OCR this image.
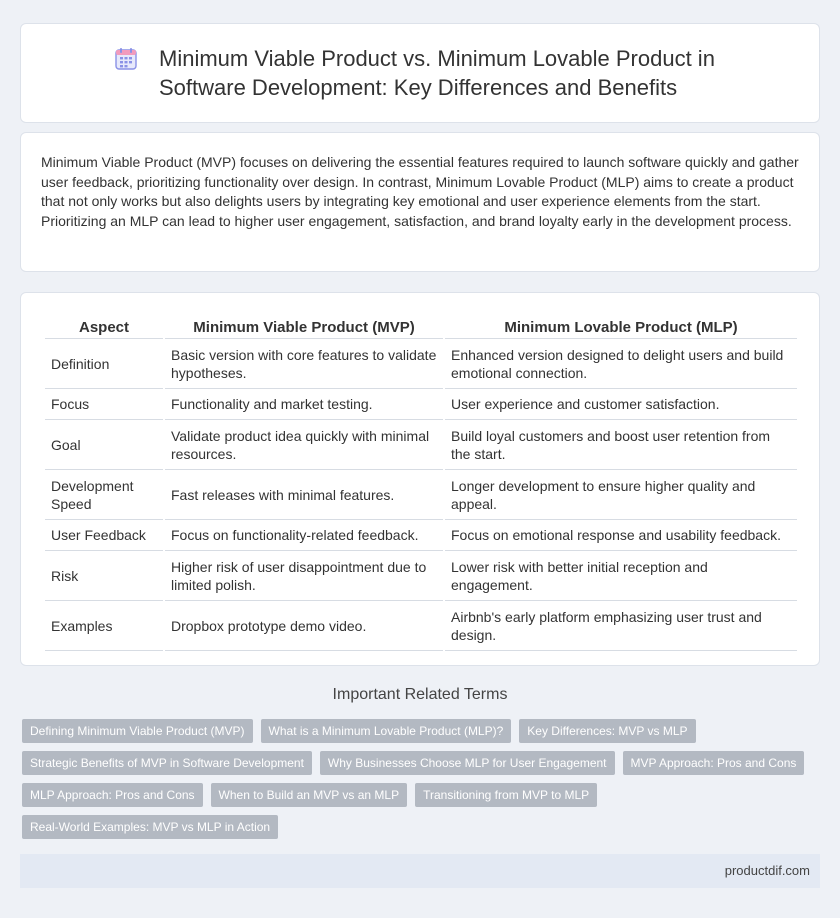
Minimum Viable Product vs. Minimum Lovable Product in Software Development: Key Differences and Benefits

Minimum Viable Product (MVP) focuses on delivering the essential features required to launch software quickly and gather user feedback, prioritizing functionality over design. In contrast, Minimum Lovable Product (MLP) aims to create a product that not only works but also delights users by integrating key emotional and user experience elements from the start. Prioritizing an MLP can lead to higher user engagement, satisfaction, and brand loyalty early in the development process.

Aspect	Minimum Viable Product (MVP)	Minimum Lovable Product (MLP)
Definition	Basic version with core features to validate hypotheses.	Enhanced version designed to delight users and build emotional connection.
Focus	Functionality and market testing.	User experience and customer satisfaction.
Goal	Validate product idea quickly with minimal resources.	Build loyal customers and boost user retention from the start.
Development Speed	Fast releases with minimal features.	Longer development to ensure higher quality and appeal.
User Feedback	Focus on functionality-related feedback.	Focus on emotional response and usability feedback.
Risk	Higher risk of user disappointment due to limited polish.	Lower risk with better initial reception and engagement.
Examples	Dropbox prototype demo video.	Airbnb's early platform emphasizing user trust and design.
Important Related Terms
Defining Minimum Viable Product (MVP)	What is a Minimum Lovable Product (MLP)?	Key Differences: MVP vs MLP
Strategic Benefits of MVP in Software Development	Why Businesses Choose MLP for User Engagement	MVP Approach: Pros and Cons
MLP Approach: Pros and Cons	When to Build an MVP vs an MLP	Transitioning from MVP to MLP
Real-World Examples: MVP vs MLP in Action
productdif.com
